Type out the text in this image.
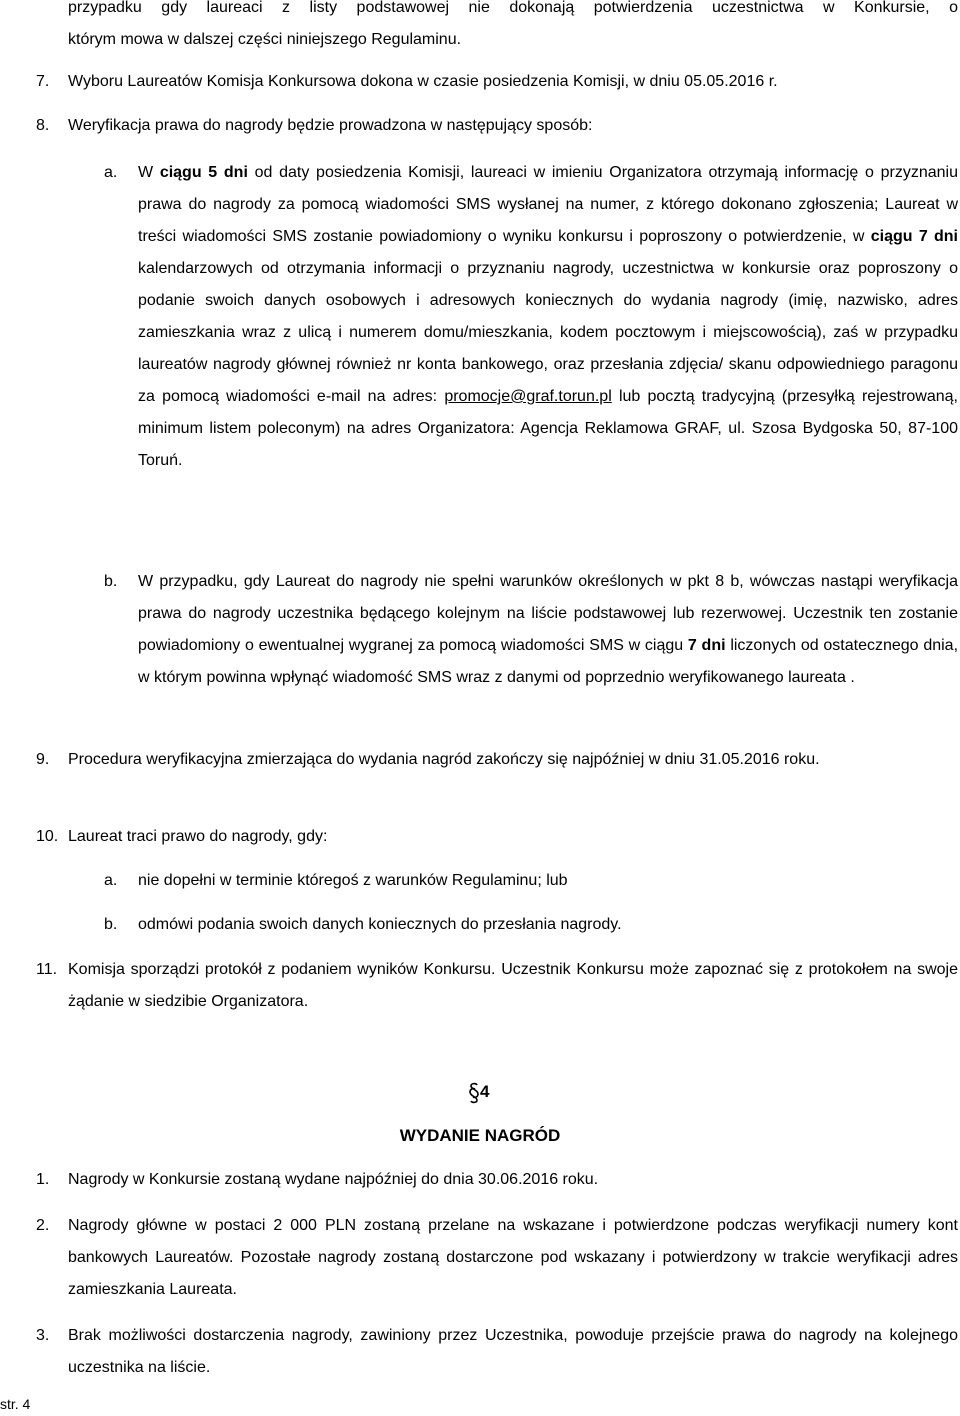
przypadku gdy laureaci z listy podstawowej nie dokonają potwierdzenia uczestnictwa w Konkursie, o

którym mowa w dalszej części niniejszego Regulaminu.

7. Wyboru Laureatów Komisja Konkursowa dokona w czasie posiedzenia Komisji, w dniu 05.05.2016 r.

8. Weryfikacja prawa do nagrody będzie prowadzona w następujący sposób:

a. W ciągu 5 dni od daty posiedzenia Komisji, laureaci w imieniu Organizatora otrzymają informację o przyznaniu prawa do nagrody za pomocą wiadomości SMS wysłanej na numer, z którego dokonano zgłoszenia; Laureat w treści wiadomości SMS zostanie powiadomiony o wyniku konkursu i poproszony o potwierdzenie, w ciągu 7 dni kalendarzowych od otrzymania informacji o przyznaniu nagrody, uczestnictwa w konkursie oraz poproszony o podanie swoich danych osobowych i adresowych koniecznych do wydania nagrody (imię, nazwisko, adres zamieszkania wraz z ulicą i numerem domu/mieszkania, kodem pocztowym i miejscowością), zaś w przypadku laureatów nagrody głównej również nr konta bankowego, oraz przesłania zdjęcia/ skanu odpowiedniego paragonu za pomocą wiadomości e-mail na adres: promocje@graf.torun.pl lub pocztą tradycyjną (przesyłką rejestrowaną, minimum listem poleconym) na adres Organizatora: Agencja Reklamowa GRAF, ul. Szosa Bydgoska 50, 87-100 Toruń.

b. W przypadku, gdy Laureat do nagrody nie spełni warunków określonych w pkt 8 b, wówczas nastąpi weryfikacja prawa do nagrody uczestnika będącego kolejnym na liście podstawowej lub rezerwowej. Uczestnik ten zostanie powiadomiony o ewentualnej wygranej za pomocą wiadomości SMS w ciągu 7 dni liczonych od ostatecznego dnia, w którym powinna wpłynąć wiadomość SMS wraz z danymi od poprzednio weryfikowanego laureata .

9. Procedura weryfikacyjna zmierzająca do wydania nagród zakończy się najpóźniej w dniu 31.05.2016 roku.

10. Laureat traci prawo do nagrody, gdy:

a. nie dopełni w terminie któregoś z warunków Regulaminu; lub

b. odmówi podania swoich danych koniecznych do przesłania nagrody.

11. Komisja sporządzi protokół z podaniem wyników Konkursu. Uczestnik Konkursu może zapoznać się z protokołem na swoje żądanie w siedzibie Organizatora.

4
WYDANIE NAGRÓD
1. Nagrody w Konkursie zostaną wydane najpóźniej do dnia 30.06.2016 roku.

2. Nagrody główne w postaci 2 000 PLN zostaną przelane na wskazane i potwierdzone podczas weryfikacji numery kont bankowych Laureatów. Pozostałe nagrody zostaną dostarczone pod wskazany i potwierdzony w trakcie weryfikacji adres zamieszkania Laureata.

3. Brak możliwości dostarczenia nagrody, zawiniony przez Uczestnika, powoduje przejście prawa do nagrody na kolejnego uczestnika na liście.

str. 4
